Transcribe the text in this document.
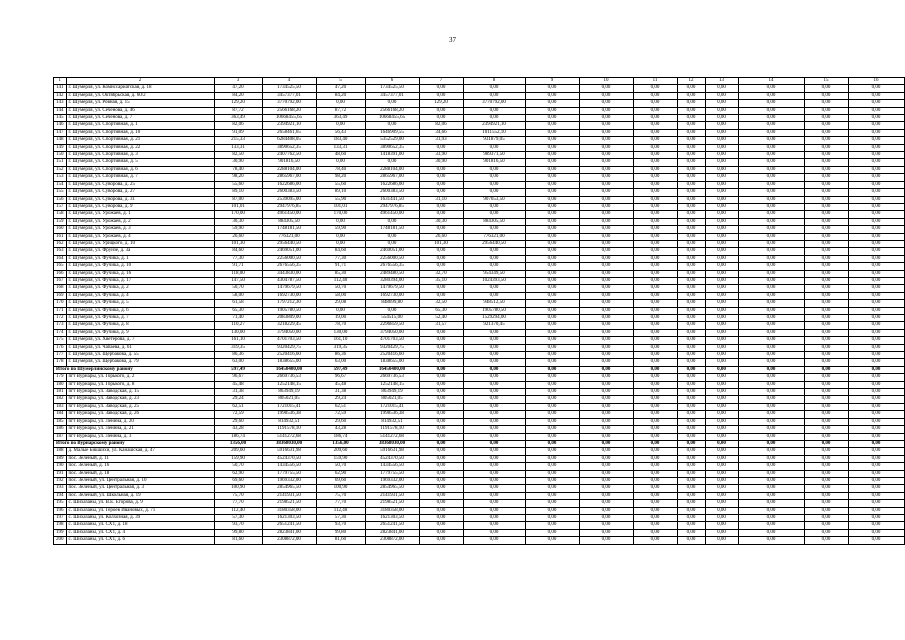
37
1	2	3	4	5	6	7	8	9	10	11	12	13	14	15	16
141	г. Шумерля, ул. Комиссариатская, д. 18	47,20	1734525,50	47,20	1734525,50	0,00	0,00	0,00	0,00	0,00	0,00	0,00	0,00	0,00	0,00
142	г. Шумерля, ул. Октябрьская, д. 60/2	84,20	3457377,01	84,20	3457377,01	0,00	0,00	0,00	0,00	0,00	0,00	0,00	0,00	0,00	0,00
143	г. Шумерля, ул. Ровная, д. 15	129,20	3770792,00	0,00	0,00	129,20	3770792,00	0,00	0,00	0,00	0,00	0,00	0,00	0,00	0,00
144	г. Шумерля, ул. Сеченова, д. 46	87,72	2566168,20	87,72	2566168,20	0,00	0,00	0,00	0,00	0,00	0,00	0,00	0,00	0,00	0,00
145	г. Шумерля, ул. Сеченова, д. 7	363,49	10668455,65	363,49	10668455,65	0,00	0,00	0,00	0,00	0,00	0,00	0,00	0,00	0,00	0,00
146	г. Шумерля, ул. Спортивная, д. 1	82,06	2394921,10	0,00	0,00	82,06	2394921,10	0,00	0,00	0,00	0,00	0,00	0,00	0,00	0,00
147	г. Шумерля, ул. Спортивная, д. 10	91,09	2658461,65	56,43	1646909,55	34,66	1011552,10	0,00	0,00	0,00	0,00	0,00	0,00	0,00	0,00
148	г. Шумерля, ул. Спортивная, д. 21	215,33	6284408,05	183,40	5352529,00	31,93	931879,05	0,00	0,00	0,00	0,00	0,00	0,00	0,00	0,00
149	г. Шумерля, ул. Спортивная, д. 22	133,31	3890652,35	133,31	3890652,35	0,00	0,00	0,00	0,00	0,00	0,00	0,00	0,00	0,00	0,00
150	г. Шумерля, ул. Спортивная, д. 3	82,50	2407762,50	48,60	1418391,00	33,90	989371,50	0,00	0,00	0,00	0,00	0,00	0,00	0,00	0,00
151	г. Шумерля, ул. Спортивная, д. 5	30,90	901816,50	0,00	0,00	30,90	901816,50	0,00	0,00	0,00	0,00	0,00	0,00	0,00	0,00
152	г. Шумерля, ул. Спортивная, д. 6	78,40	2288104,00	78,40	2288104,00	0,00	0,00	0,00	0,00	0,00	0,00	0,00	0,00	0,00	0,00
153	г. Шумерля, ул. Спортивная, д. 7	98,20	2865967,00	98,20	2865967,00	0,00	0,00	0,00	0,00	0,00	0,00	0,00	0,00	0,00	0,00
154	г. Шумерля, ул. Суворова, д. 25	55,60	1622686,00	55,60	1622686,00	0,00	0,00	0,00	0,00	0,00	0,00	0,00	0,00	0,00	0,00
155	г. Шумерля, ул. Суворова, д. 27	89,10	2600383,50	89,10	2600383,50	0,00	0,00	0,00	0,00	0,00	0,00	0,00	0,00	0,00	0,00
156	г. Шумерля, ул. Суворова, д. 31	87,00	2539095,00	55,90	1631441,50	31,10	907653,50	0,00	0,00	0,00	0,00	0,00	0,00	0,00	0,00
157	г. Шумерля, ул. Суворова, д. 9	101,01	2947976,85	101,01	2947976,85	0,00	0,00	0,00	0,00	0,00	0,00	0,00	0,00	0,00	0,00
158	г. Шумерля, ул. Урожаев, д. 1	170,00	4961450,00	170,00	4961450,00	0,00	0,00	0,00	0,00	0,00	0,00	0,00	0,00	0,00	0,00
159	г. Шумерля, ул. Урожаев, д. 2	30,30	884305,50	0,00	0,00	30,30	884305,50	0,00	0,00	0,00	0,00	0,00	0,00	0,00	0,00
160	г. Шумерля, ул. Урожаев, д. 3	59,90	1748181,50	59,90	1748181,50	0,00	0,00	0,00	0,00	0,00	0,00	0,00	0,00	0,00	0,00
161	г. Шумерля, ул. Урожаев, д. 4	26,60	776321,00	0,00	0,00	26,60	776321,00	0,00	0,00	0,00	0,00	0,00	0,00	0,00	0,00
162	г. Шумерля, ул. Урицкого, д. 10	101,30	2956440,50	0,00	0,00	101,30	2956440,50	0,00	0,00	0,00	0,00	0,00	0,00	0,00	0,00
163	г. Шумерля, ул. Фрунзе, д. 3а	84,60	2469051,00	84,60	2469051,00	0,00	0,00	0,00	0,00	0,00	0,00	0,00	0,00	0,00	0,00
164	г. Шумерля, ул. Фучика, д. 1	77,30	2256000,50	77,30	2256000,50	0,00	0,00	0,00	0,00	0,00	0,00	0,00	0,00	0,00	0,00
165	г. Шумерля, ул. Фучика, д. 10	91,71	2676556,35	91,71	2676556,35	0,00	0,00	0,00	0,00	0,00	0,00	0,00	0,00	0,00	0,00
166	г. Шумерля, ул. Фучика, д. 16	118,00	3443830,00	85,30	2489480,50	32,70	954349,50	0,00	0,00	0,00	0,00	0,00	0,00	0,00	0,00
167	г. Шумерля, ул. Фучика, д. 17	147,50	4304787,50	112,40	3280394,00	35,10	1024393,50	0,00	0,00	0,00	0,00	0,00	0,00	0,00	0,00
168	г. Шумерля, ул. Фучика, д. 2	50,70	1479679,50	50,70	1479679,50	0,00	0,00	0,00	0,00	0,00	0,00	0,00	0,00	0,00	0,00
169	г. Шумерля, ул. Фучика, д. 4	58,00	1692730,00	58,00	1692730,00	0,00	0,00	0,00	0,00	0,00	0,00	0,00	0,00	0,00	0,00
170	г. Шумерля, ул. Фучика, д. 5	61,58	1797212,30	29,08	848699,80	32,50	948512,50	0,00	0,00	0,00	0,00	0,00	0,00	0,00	0,00
171	г. Шумерля, ул. Фучика, д. 6	65,30	1905780,50	0,00	0,00	65,30	1905780,50	0,00	0,00	0,00	0,00	0,00	0,00	0,00	0,00
172	г. Шумерля, ул. Фучика, д. 7	71,40	2083809,00	19,00	554515,00	52,40	1529294,00	0,00	0,00	0,00	0,00	0,00	0,00	0,00	0,00
173	г. Шумерля, ул. Фучика, д. 8	110,27	3218229,45	78,70	2296859,50	31,57	921370,45	0,00	0,00	0,00	0,00	0,00	0,00	0,00	0,00
174	г. Шумерля, ул. Фучика, д. 9	130,00	3794050,00	130,00	3794050,00	0,00	0,00	0,00	0,00	0,00	0,00	0,00	0,00	0,00	0,00
175	г. Шумерля, ул. Хветерова, д. 7	161,10	4701703,50	161,10	4701703,50	0,00	0,00	0,00	0,00	0,00	0,00	0,00	0,00	0,00	0,00
176	г. Шумерля, ул. Чапаева, д. 61	319,35	9320429,75	319,35	9320429,75	0,00	0,00	0,00	0,00	0,00	0,00	0,00	0,00	0,00	0,00
177	г. Шумерля, ул. Щербакова, д. 55	86,36	2520416,60	86,36	2520416,60	0,00	0,00	0,00	0,00	0,00	0,00	0,00	0,00	0,00	0,00
178	г. Шумерля, ул. Щербакова, д. 79	63,00	1838655,00	63,00	1838655,00	0,00	0,00	0,00	0,00	0,00	0,00	0,00	0,00	0,00	0,00
Итого по Шумерлинскому району		597,49	16450400,00	597,49	16450400,00	0,00	0,00	0,00	0,00	0,00	0,00	0,00	0,00	0,00	0,00
179	пгт Вурнары, ул. Горького, д. 2	96,67	2669736,53	96,67	2669736,53	0,00	0,00	0,00	0,00	0,00	0,00	0,00	0,00	0,00	0,00
180	пгт Вурнары, ул. Горького, д. 8	45,48	1252148,15	45,48	1252148,15	0,00	0,00	0,00	0,00	0,00	0,00	0,00	0,00	0,00	0,00
181	пгт Вурнары, ул. Заводская, д. 15	31,38	863949,19	31,38	863949,19	0,00	0,00	0,00	0,00	0,00	0,00	0,00	0,00	0,00	0,00
182	пгт Вурнары, ул. Заводская, д. 23	29,24	805021,05	29,24	805021,05	0,00	0,00	0,00	0,00	0,00	0,00	0,00	0,00	0,00	0,00
183	пгт Вурнары, ул. Заводская, д. 25	62,51	1721015,41	62,51	1721015,41	0,00	0,00	0,00	0,00	0,00	0,00	0,00	0,00	0,00	0,00
184	пгт Вурнары, ул. Заводская, д. 26	72,59	1998536,38	72,59	1998536,38	0,00	0,00	0,00	0,00	0,00	0,00	0,00	0,00	0,00	0,00
185	пгт Вурнары, ул. Ленина, д. 20	29,60	814932,51	29,60	814932,51	0,00	0,00	0,00	0,00	0,00	0,00	0,00	0,00	0,00	0,00
186	пгт Вурнары, ул. Ленина, д. 21	43,28	1191578,10	43,28	1191578,10	0,00	0,00	0,00	0,00	0,00	0,00	0,00	0,00	0,00	0,00
187	пгт Вурнары, ул. Ленина, д. 3	186,74	5141272,68	186,74	5141272,68	0,00	0,00	0,00	0,00	0,00	0,00	0,00	0,00	0,00	0,00
Итого по Вурнарскому району		1356,00	38368030,00	1356,00	38368030,00	0,00	0,00	0,00	0,00	0,00	0,00	0,00	0,00	0,00	0,00
188	д. Малые Бикшихи, ул. Канашская, д. 47	209,60	5916631,98	209,60	5916631,98	0,00	0,00	0,00	0,00	0,00	0,00	0,00	0,00	0,00	0,00
189	пос. Зеленый, д. 11	159,90	4524370,50	159,90	4524370,50	0,00	0,00	0,00	0,00	0,00	0,00	0,00	0,00	0,00	0,00
190	пос. Зеленый, д. 16	50,70	1434556,50	50,70	1434556,50	0,00	0,00	0,00	0,00	0,00	0,00	0,00	0,00	0,00	0,00
191	пос. Зеленый, д. 18	62,90	1779755,50	62,90	1779755,50	0,00	0,00	0,00	0,00	0,00	0,00	0,00	0,00	0,00	0,00
192	пос. Зеленый, ул. Центральная, д. 10	69,60	1969332,00	69,60	1969332,00	0,00	0,00	0,00	0,00	0,00	0,00	0,00	0,00	0,00	0,00
193	пос. Зеленый, ул. Центральная, д. 3	100,90	2854965,50	100,90	2854965,50	0,00	0,00	0,00	0,00	0,00	0,00	0,00	0,00	0,00	0,00
194	пос. Зеленый, ул. Школьная, д. 19	75,70	2141931,50	75,70	2141931,50	0,00	0,00	0,00	0,00	0,00	0,00	0,00	0,00	0,00	0,00
195	с. Шихазаны, ул. В.Е. Егорова, д. 9	77,70	2198521,50	77,70	2198521,50	0,00	0,00	0,00	0,00	0,00	0,00	0,00	0,00	0,00	0,00
196	с. Шихазаны, ул. Героев Ивановых, д. 71	112,40	3180358,00	112,40	3180358,00	0,00	0,00	0,00	0,00	0,00	0,00	0,00	0,00	0,00	0,00
197	с. Шихазаны, ул. Колхозная, д. 39	57,30	1621303,50	57,30	1621303,50	0,00	0,00	0,00	0,00	0,00	0,00	0,00	0,00	0,00	0,00
198	с. Шихазаны, ул. СХТ, д. 18	93,70	2651241,50	93,70	2651241,50	0,00	0,00	0,00	0,00	0,00	0,00	0,00	0,00	0,00	0,00
199	с. Шихазаны, ул. СХТ, д. 4	99,80	2823841,00	99,80	2823841,00	0,00	0,00	0,00	0,00	0,00	0,00	0,00	0,00	0,00	0,00
200	с. Шихазаны, ул. СХТ, д. 6	81,60	2308872,00	81,60	2308872,00	0,00	0,00	0,00	0,00	0,00	0,00	0,00	0,00	0,00	0,00
